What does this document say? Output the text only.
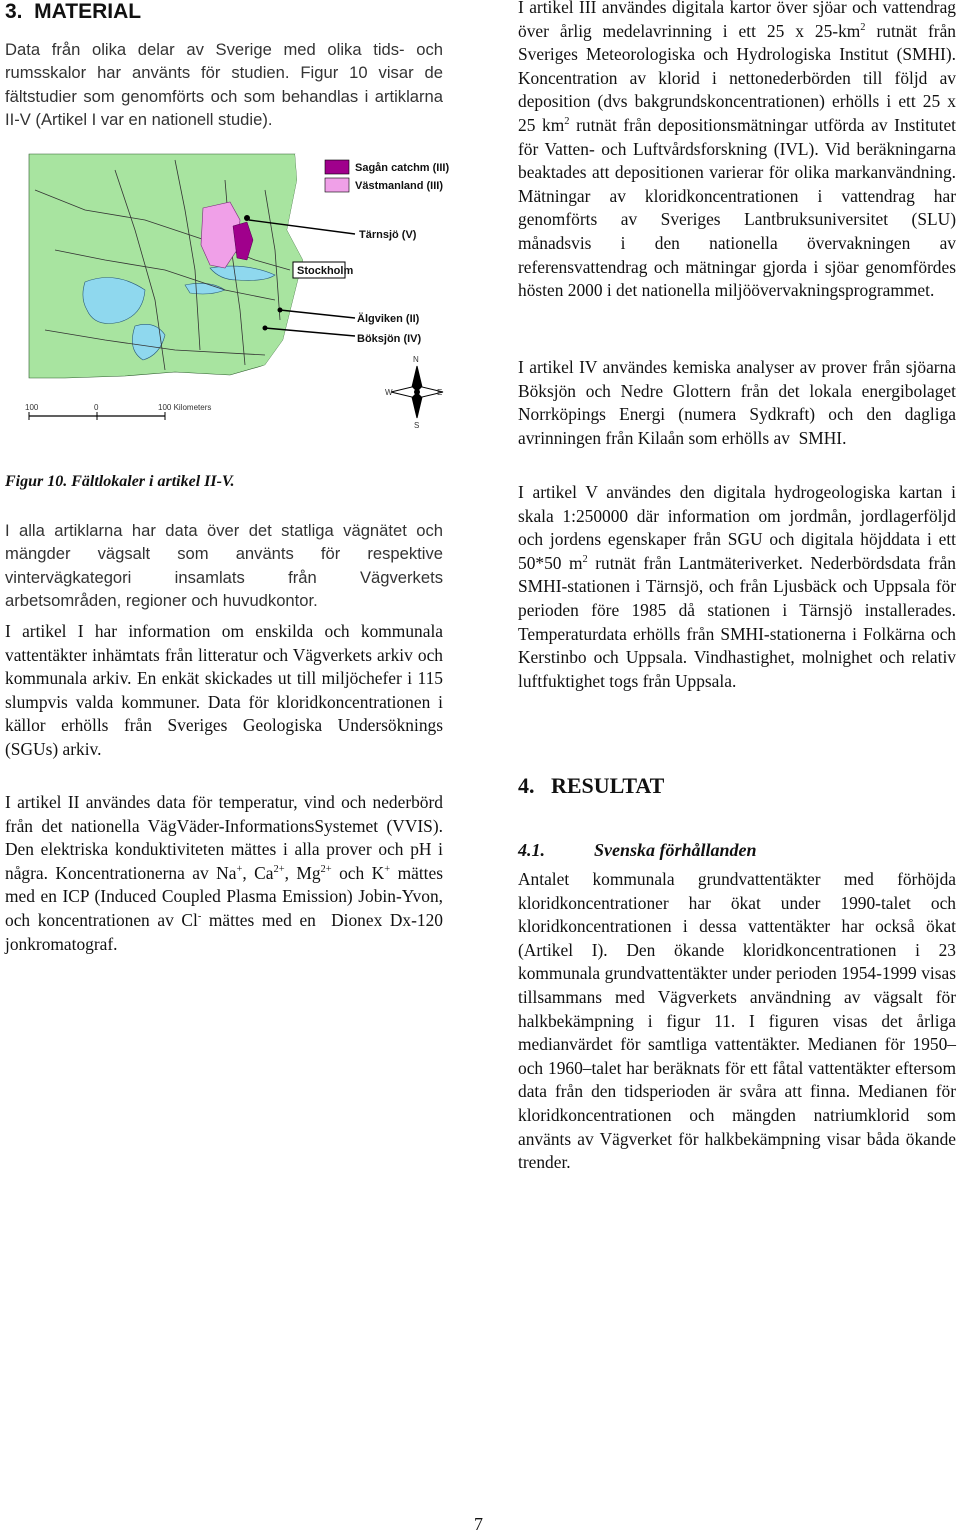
3.  MATERIAL

Data från olika delar av Sverige med olika tids- och rumsskalor har använts för studien. Figur 10 visar de fältstudier som genomförts och som behandlas i artiklarna II-V (Artikel I var en nationell studie).

Stockholm
Sagån catchm (III)
Västmanland (III)
Tärnsjö (V)
Älgviken (II)
Böksjön (IV)
N
S
E
W
100	0	100 Kilometers
Figur 10. Fältlokaler i artikel II-V.

I alla artiklarna har data över det statliga vägnätet och mängder vägsalt som använts för respektive vintervägkategori insamlats från Vägverkets arbetsområden, regioner och huvudkontor.

I artikel I har information om enskilda och kommunala vattentäkter inhämtats från litteratur och Vägverkets arkiv och kommunala arkiv. En enkät skickades ut till miljöchefer i 115 slumpvis valda kommuner. Data för kloridkoncentrationen i källor erhölls från Sveriges Geologiska Undersöknings (SGUs) arkiv.

I artikel II användes data för temperatur, vind och nederbörd från det nationella VägVäder-InformationsSystemet (VVIS). Den elektriska konduktiviteten mättes i alla prover och pH i några. Koncentrationerna av Na+, $Ca^{2+}$, $Mg^{2+}$ och K+ mättes med en ICP (Induced Coupled Plasma Emission) Jobin-Yvon, och koncentrationen av Cl- mättes med en  Dionex Dx-120 jonkromatograf.

I artikel III användes digitala kartor över sjöar och vattendrag över årlig medelavrinning i ett 25 x $25-km^2$ rutnät från Sveriges Meteorologiska och Hydrologiska Institut (SMHI). Koncentration av klorid i nettonederbörden till följd av deposition (dvs bakgrundskoncentrationen) erhölls i ett 25 x 25 $km^2$ rutnät från depositionsmätningar utförda av Institutet för Vatten- och Luftvårdsforskning (IVL). Vid beräkningarna beaktades att depositionen varierar för olika markanvändning. Mätningar av kloridkoncentrationen i vattendrag har genomförts av Sveriges Lantbruksuniversitet (SLU) månadsvis i den nationella övervakningen av referensvattendrag och mätningar gjorda i sjöar genomfördes hösten 2000 i det nationella miljöövervakningsprogrammet.

I artikel IV användes kemiska analyser av prover från sjöarna Böksjön och Nedre Glottern från det lokala energibolaget Norrköpings Energi (numera Sydkraft) och den dagliga avrinningen från Kilaån som erhölls av  SMHI.

I artikel V användes den digitala hydrogeologiska kartan i skala 1:250000 där information om jordmån, jordlagerföljd och jordens egenskaper från SGU och digitala höjddata i ett 50*50 $m^2$ rutnät från Lantmäteriverket. Nederbördsdata från SMHI-stationen i Tärnsjö, och från Ljusbäck och Uppsala för perioden före 1985 då stationen i Tärnsjö installerades. Temperaturdata erhölls från SMHI-stationerna i Folkärna och Kerstinbo och Uppsala. Vindhastighet, molnighet och relativ luftfuktighet togs från Uppsala.

4.   RESULTAT
4.1.	Svenska förhållanden

Antalet kommunala grundvattentäkter med förhöjda kloridkoncentrationer har ökat under 1990-talet och kloridkoncentrationen i dessa vattentäkter har också ökat (Artikel I). Den ökande kloridkoncentrationen i 23 kommunala grundvattentäkter under perioden 1954-1999 visas tillsammans med Vägverkets användning av vägsalt för halkbekämpning i figur 11. I figuren visas det årliga medianvärdet för samtliga vattentäkter. Medianen för 1950– och 1960–talet har beräknats för ett fåtal vattentäkter eftersom data från den tidsperioden är svåra att finna. Medianen för kloridkoncentrationen och mängden natriumklorid som använts av Vägverket för halkbekämpning visar båda ökande trender.

7
